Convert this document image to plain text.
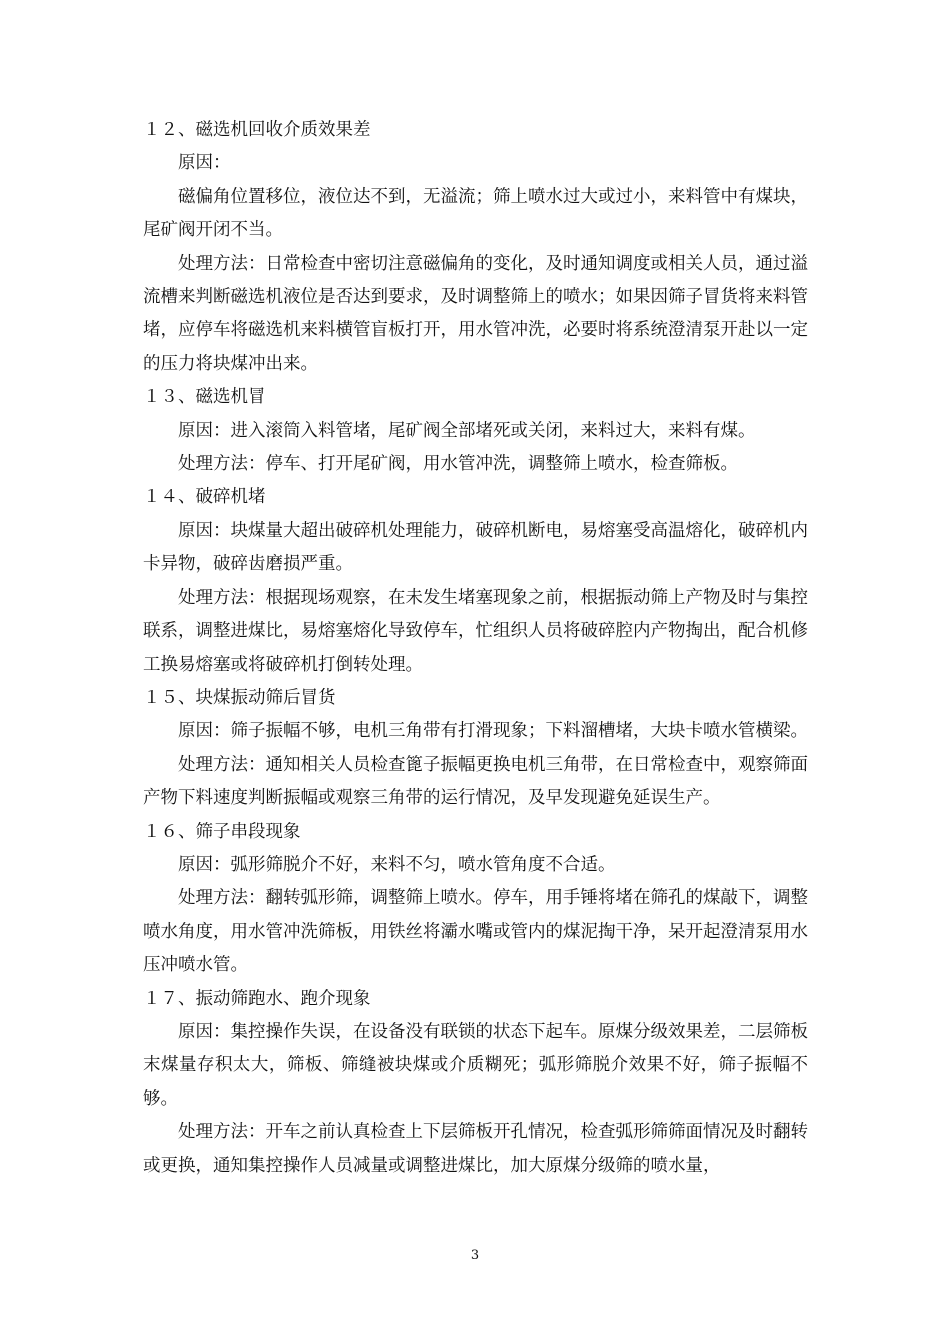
１２、磁选机回收介质效果差

原因：

磁偏角位置移位，液位达不到，无溢流；筛上喷水过大或过小，来料管中有煤块，尾矿阀开闭不当。

处理方法：日常检查中密切注意磁偏角的变化，及时通知调度或相关人员，通过溢流槽来判断磁选机液位是否达到要求，及时调整筛上的喷水；如果因筛子冒货将来料管堵，应停车将磁选机来料横管盲板打开，用水管冲洗，必要时将系统澄清泵开赴以一定的压力将块煤冲出来。

１３、磁选机冒

原因：进入滚筒入料管堵，尾矿阀全部堵死或关闭，来料过大，来料有煤。

处理方法：停车、打开尾矿阀，用水管冲洗，调整筛上喷水，检查筛板。

１４、破碎机堵

原因：块煤量大超出破碎机处理能力，破碎机断电，易熔塞受高温熔化，破碎机内卡异物，破碎齿磨损严重。

处理方法：根据现场观察，在未发生堵塞现象之前，根据振动筛上产物及时与集控联系，调整进煤比，易熔塞熔化导致停车，忙组织人员将破碎腔内产物掏出，配合机修工换易熔塞或将破碎机打倒转处理。

１５、块煤振动筛后冒货

原因：筛子振幅不够，电机三角带有打滑现象；下料溜槽堵，大块卡喷水管横梁。

处理方法：通知相关人员检查篦子振幅更换电机三角带，在日常检查中，观察筛面产物下料速度判断振幅或观察三角带的运行情况，及早发现避免延误生产。

１６、筛子串段现象

原因：弧形筛脱介不好，来料不匀，喷水管角度不合适。

处理方法：翻转弧形筛，调整筛上喷水。停车，用手锤将堵在筛孔的煤敲下，调整喷水角度，用水管冲洗筛板，用铁丝将灞水嘴或管内的煤泥掏干净，呆开起澄清泵用水压冲喷水管。

１７、振动筛跑水、跑介现象

原因：集控操作失误，在设备没有联锁的状态下起车。原煤分级效果差，二层筛板末煤量存积太大，筛板、筛缝被块煤或介质糊死；弧形筛脱介效果不好，筛子振幅不够。

处理方法：开车之前认真检查上下层筛板开孔情况，检查弧形筛筛面情况及时翻转或更换，通知集控操作人员减量或调整进煤比，加大原煤分级筛的喷水量，

3
